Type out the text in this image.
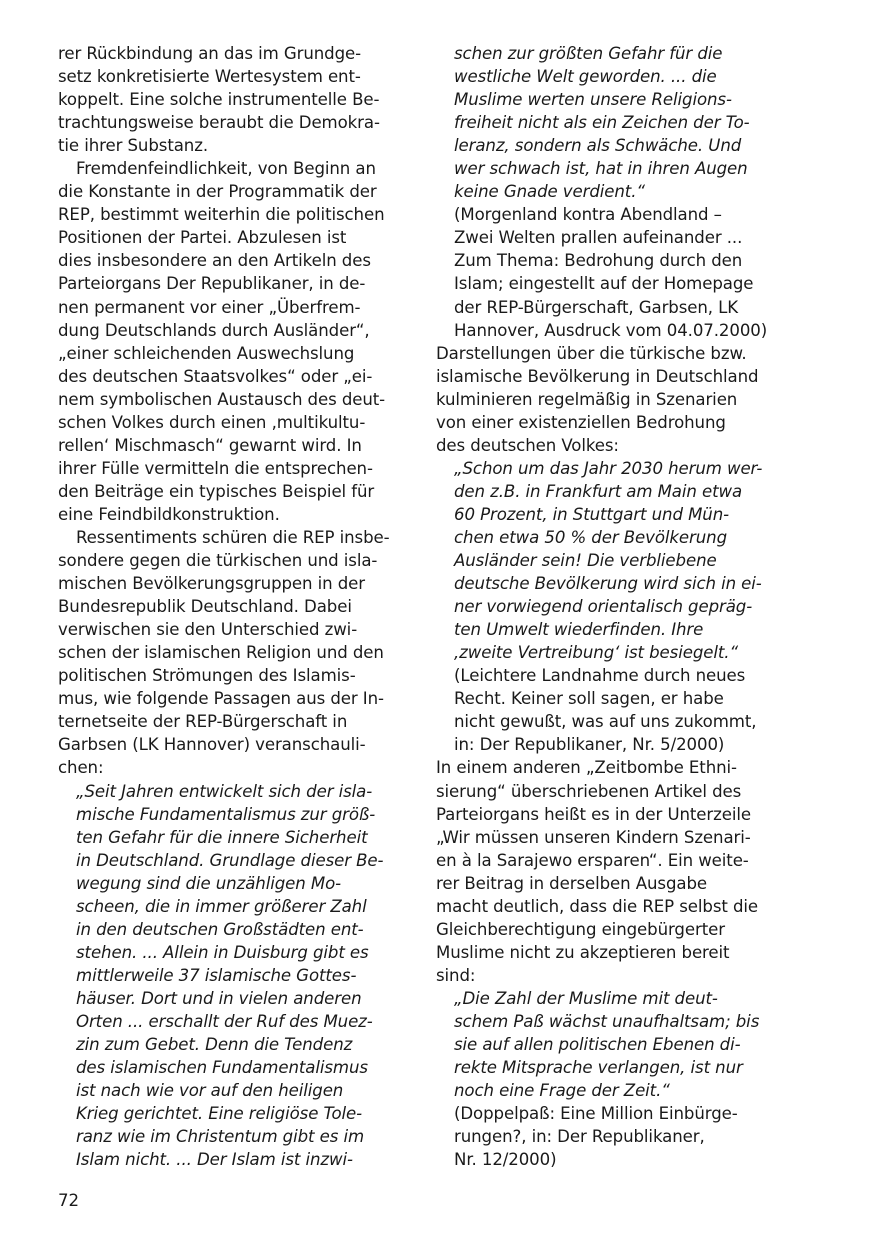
rer Rückbindung an das im Grundge-
setz konkretisierte Wertesystem ent-
koppelt. Eine solche instrumentelle Be-
trachtungsweise beraubt die Demokra-
tie ihrer Substanz.
Fremdenfeindlichkeit, von Beginn an
die Konstante in der Programmatik der
REP, bestimmt weiterhin die politischen
Positionen der Partei. Abzulesen ist
dies insbesondere an den Artikeln des
Parteiorgans Der Republikaner, in de-
nen permanent vor einer „Überfrem-
dung Deutschlands durch Ausländer“,
„einer schleichenden Auswechslung
des deutschen Staatsvolkes“ oder „ei-
nem symbolischen Austausch des deut-
schen Volkes durch einen ‚multikultu-
rellen‘ Mischmasch“ gewarnt wird. In
ihrer Fülle vermitteln die entsprechen-
den Beiträge ein typisches Beispiel für
eine Feindbildkonstruktion.
Ressentiments schüren die REP insbe-
sondere gegen die türkischen und isla-
mischen Bevölkerungsgruppen in der
Bundesrepublik Deutschland. Dabei
verwischen sie den Unterschied zwi-
schen der islamischen Religion und den
politischen Strömungen des Islamis-
mus, wie folgende Passagen aus der In-
ternetseite der REP-Bürgerschaft in
Garbsen (LK Hannover) veranschauli-
chen:
„Seit Jahren entwickelt sich der isla-
mische Fundamentalismus zur größ-
ten Gefahr für die innere Sicherheit
in Deutschland. Grundlage dieser Be-
wegung sind die unzähligen Mo-
scheen, die in immer größerer Zahl
in den deutschen Großstädten ent-
stehen. ... Allein in Duisburg gibt es
mittlerweile 37 islamische Gottes-
häuser. Dort und in vielen anderen
Orten ... erschallt der Ruf des Muez-
zin zum Gebet. Denn die Tendenz
des islamischen Fundamentalismus
ist nach wie vor auf den heiligen
Krieg gerichtet. Eine religiöse Tole-
ranz wie im Christentum gibt es im
Islam nicht. ... Der Islam ist inzwi-
schen zur größten Gefahr für die
westliche Welt geworden. ... die
Muslime werten unsere Religions-
freiheit nicht als ein Zeichen der To-
leranz, sondern als Schwäche. Und
wer schwach ist, hat in ihren Augen
keine Gnade verdient.“
(Morgenland kontra Abendland –
Zwei Welten prallen aufeinander ...
Zum Thema: Bedrohung durch den
Islam; eingestellt auf der Homepage
der REP-Bürgerschaft, Garbsen, LK
Hannover, Ausdruck vom 04.07.2000)
Darstellungen über die türkische bzw.
islamische Bevölkerung in Deutschland
kulminieren regelmäßig in Szenarien
von einer existenziellen Bedrohung
des deutschen Volkes:
„Schon um das Jahr 2030 herum wer-
den z.B. in Frankfurt am Main etwa
60 Prozent, in Stuttgart und Mün-
chen etwa 50 % der Bevölkerung
Ausländer sein! Die verbliebene
deutsche Bevölkerung wird sich in ei-
ner vorwiegend orientalisch gepräg-
ten Umwelt wiederfinden. Ihre
‚zweite Vertreibung‘ ist besiegelt.“
(Leichtere Landnahme durch neues
Recht. Keiner soll sagen, er habe
nicht gewußt, was auf uns zukommt,
in: Der Republikaner, Nr. 5/2000)
In einem anderen „Zeitbombe Ethni-
sierung“ überschriebenen Artikel des
Parteiorgans heißt es in der Unterzeile
„Wir müssen unseren Kindern Szenari-
en à la Sarajewo ersparen“. Ein weite-
rer Beitrag in derselben Ausgabe
macht deutlich, dass die REP selbst die
Gleichberechtigung eingebürgerter
Muslime nicht zu akzeptieren bereit
sind:
„Die Zahl der Muslime mit deut-
schem Paß wächst unaufhaltsam; bis
sie auf allen politischen Ebenen di-
rekte Mitsprache verlangen, ist nur
noch eine Frage der Zeit.“
(Doppelpaß: Eine Million Einbürge-
rungen?, in: Der Republikaner,
Nr. 12/2000)
72
